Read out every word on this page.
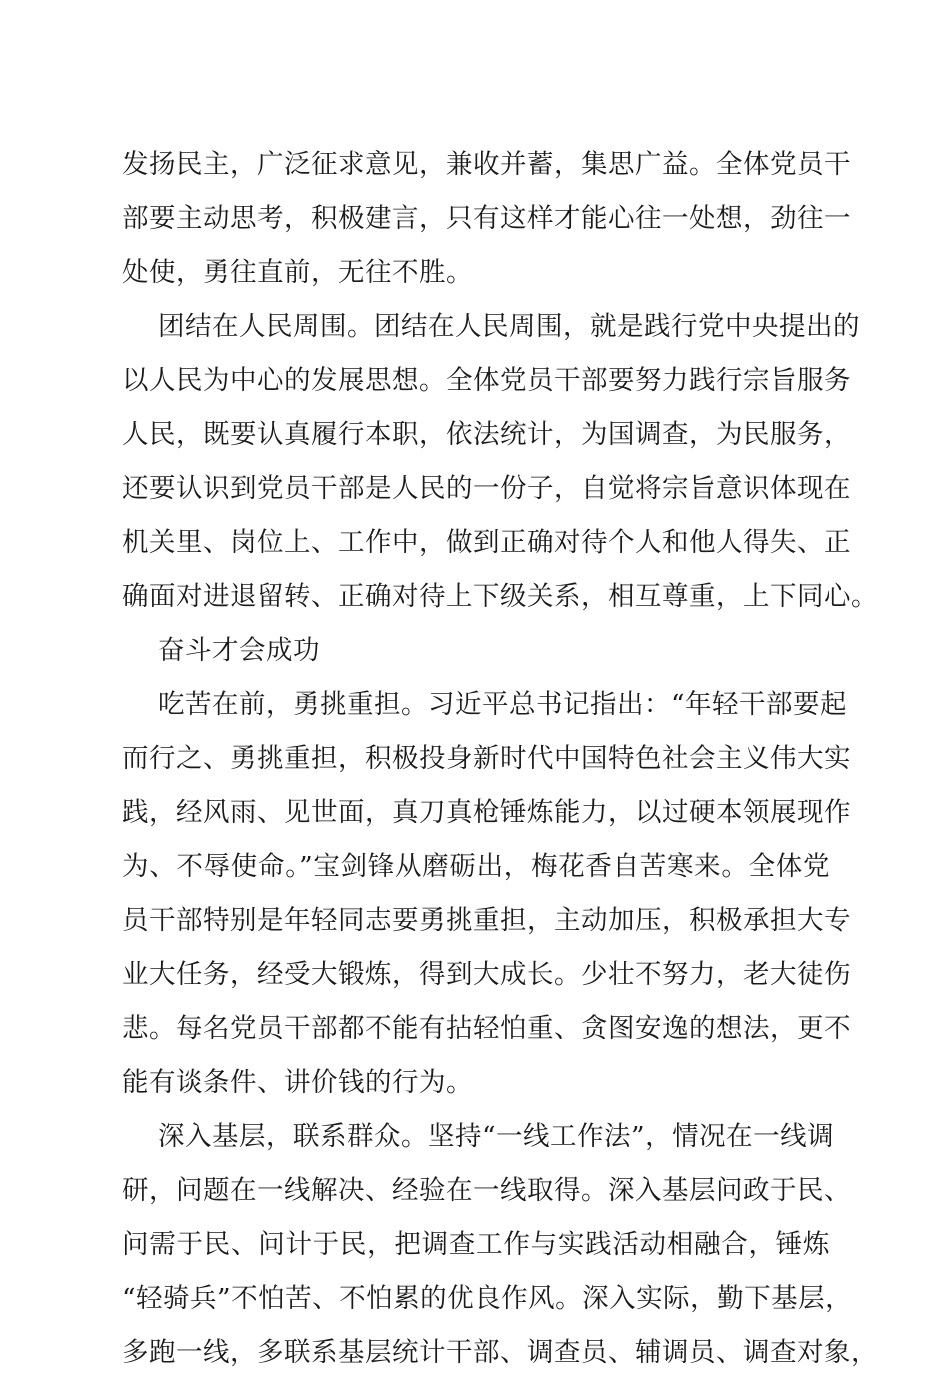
发扬民主，广泛征求意见，兼收并蓄，集思广益。全体党员干
部要主动思考，积极建言，只有这样才能心往一处想，劲往一
处使，勇往直前，无往不胜。
团结在人民周围。团结在人民周围，就是践行党中央提出的
以人民为中心的发展思想。全体党员干部要努力践行宗旨服务
人民，既要认真履行本职，依法统计，为国调查，为民服务，
还要认识到党员干部是人民的一份子，自觉将宗旨意识体现在
机关里、岗位上、工作中，做到正确对待个人和他人得失、正
确面对进退留转、正确对待上下级关系，相互尊重，上下同心。
奋斗才会成功
吃苦在前，勇挑重担。习近平总书记指出：“年轻干部要起
而行之、勇挑重担，积极投身新时代中国特色社会主义伟大实
践，经风雨、见世面，真刀真枪锤炼能力，以过硬本领展现作
为、不辱使命。”宝剑锋从磨砺出，梅花香自苦寒来。全体党
员干部特别是年轻同志要勇挑重担，主动加压，积极承担大专
业大任务，经受大锻炼，得到大成长。少壮不努力，老大徒伤
悲。每名党员干部都不能有拈轻怕重、贪图安逸的想法，更不
能有谈条件、讲价钱的行为。
深入基层，联系群众。坚持“一线工作法”，情况在一线调
研，问题在一线解决、经验在一线取得。深入基层问政于民、
问需于民、问计于民，把调查工作与实践活动相融合，锤炼
“轻骑兵”不怕苦、不怕累的优良作风。深入实际，勤下基层，
多跑一线，多联系基层统计干部、调查员、辅调员、调查对象，
